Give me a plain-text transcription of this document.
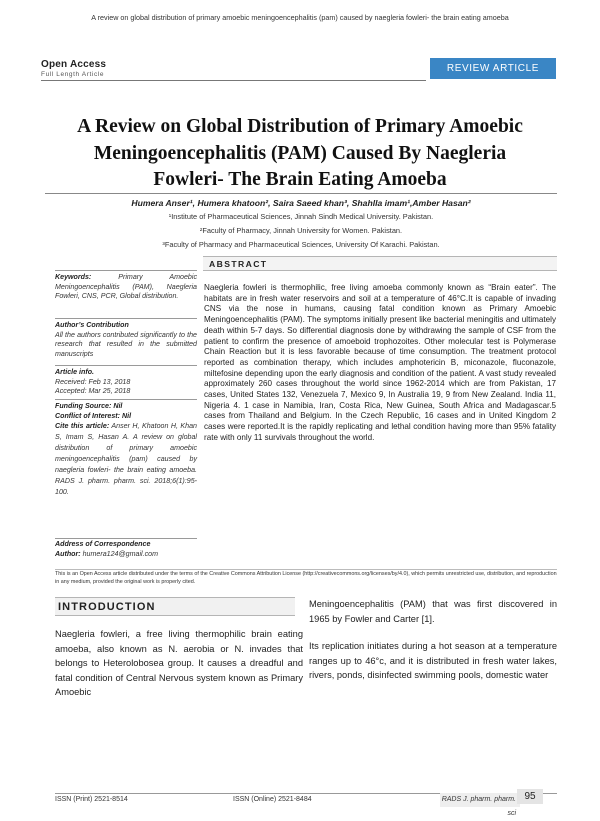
A review on global distribution of primary amoebic meningoencephalitis (pam) caused by naegleria fowleri- the brain eating amoeba
Open Access
Full Length Article
REVIEW ARTICLE
A Review on Global Distribution of Primary Amoebic
Meningoencephalitis (PAM) Caused By Naegleria
Fowleri- The Brain Eating Amoeba
Humera Anser¹, Humera khatoon², Saira Saeed khan³, Shahlla imam¹,Amber Hasan²
¹Institute of Pharmaceutical Sciences, Jinnah Sindh Medical University. Pakistan.
²Faculty of Pharmacy, Jinnah University for Women. Pakistan.
³Faculty of Pharmacy and Pharmaceutical Sciences, University Of Karachi. Pakistan.
Keywords:	Primary Amoebic Meningoencephalitis (PAM), Naegleria Fowleri, CNS, PCR, Global distribution.
Author’s Contribution
All the authors contributed significantly to the research that resulted in the submitted manuscripts
Article info.
Received: Feb 13, 2018
Accepted: Mar 25, 2018
Funding Source: Nil
Conflict of Interest: Nil
Cite this article: Anser H, Khatoon H, Khan S, Imam S, Hasan A. A review on global distribution of primary amoebic meningoencephalitis (pam) caused by naegleria fowleri- the brain eating amoeba. RADS J. pharm. pharm. sci. 2018;6(1):95-100.
Address of Correspondence
Author: humera124@gmail.com
ABSTRACT
Naegleria fowleri is thermophilic, free living amoeba commonly known as “Brain eater”. The habitats are in fresh water reservoirs and soil at a temperature of 46°C.It is capable of invading CNS via the nose in humans, causing fatal condition known as Primary Amoebic Meningoencephalitis (PAM). The symptoms initially present like bacterial meningitis and ultimately death within 5-7 days. So differential diagnosis done by withdrawing the sample of CSF from the patient to confirm the presence of amoeboid trophozoites. Other molecular test is Polymerase Chain Reaction but it is less favorable because of time consumption. The treatment protocol reported as combination therapy, which includes amphotericin B, miconazole, fluconazole, miltefosine depending upon the early diagnosis and condition of the patient. A vast study revealed approximately 260 cases throughout the world since 1962-2014 which are from Pakistan, 17 cases, United States 132, Venezuela 7, Mexico 9, In Australia 19, 9 from New Zealand. India 11, Nigeria 4. 1 case in Namibia, Iran, Costa Rica, New Guinea, South Africa and Madagascar.5 cases from Thailand and Belgium. In the Czech Republic, 16 cases and in United Kingdom 2 cases were reported.It is the rapidly replicating and lethal condition having more than 95% fatality rate with only 11 survivals throughout the world.
This is an Open Access article distributed under the terms of the Creative Commons Attribution License (http://creativecommons.org/licenses/by/4.0), which permits unrestricted use, distribution, and reproduction in any medium, provided the original work is properly cited.
INTRODUCTION
Naegleria fowleri, a free living thermophilic brain eating amoeba, also known as N. aerobia or N. invades that belongs to Heterolobosea group. It causes a dreadful and fatal condition of Central Nervous system known as Primary Amoebic
Meningoencephalitis (PAM) that was first discovered in 1965 by Fowler and Carter [1].
Its replication initiates during a hot season at a temperature ranges up to 46°c, and it is distributed in fresh water lakes, rivers, ponds, disinfected swimming pools, domestic water
ISSN (Print) 2521-8514	ISSN (Online) 2521-8484	RADS J. pharm. pharm. sci
95
